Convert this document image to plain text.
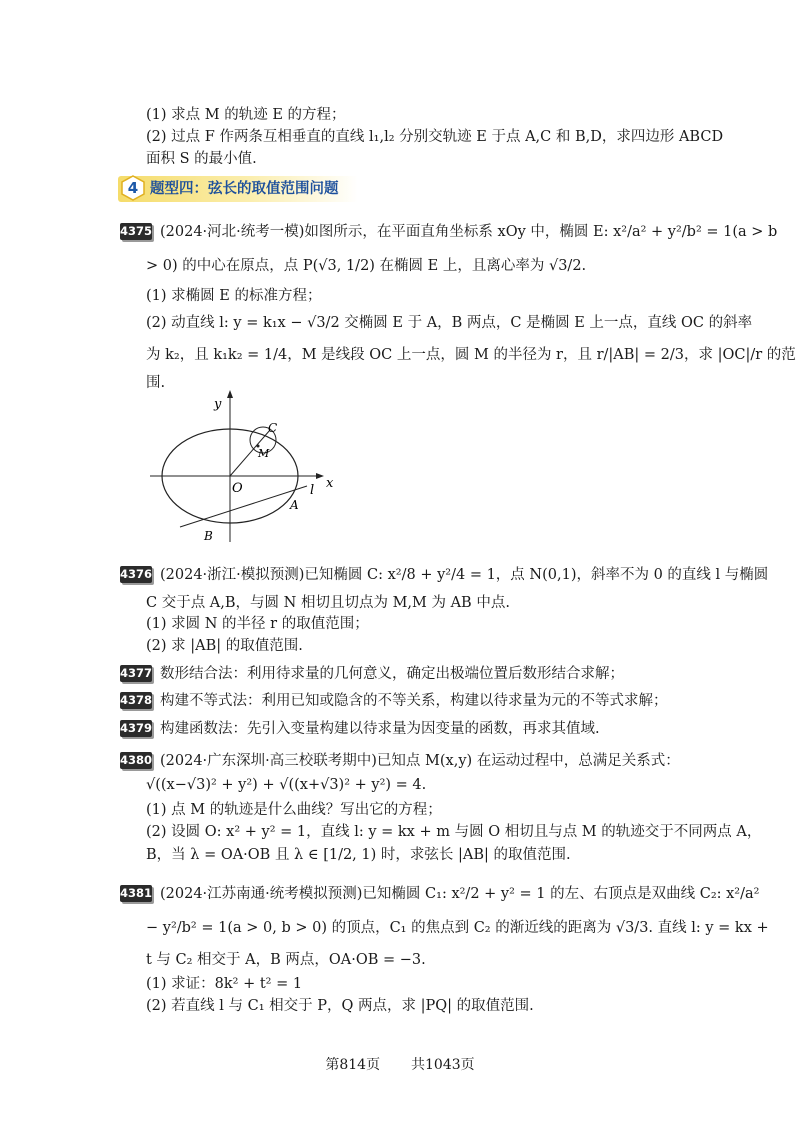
(1) 求点 M 的轨迹 E 的方程；
(2) 过点 F 作两条互相垂直的直线 l₁,l₂ 分别交轨迹 E 于点 A,C 和 B,D，求四边形 ABCD
面积 S 的最小值.
4 题型四：弦长的取值范围问题
4375 (2024·河北·统考一模)如图所示，在平面直角坐标系 xOy 中，椭圆 E: x²/a² + y²/b² = 1(a > b
> 0) 的中心在原点，点 P(√3, 1/2) 在椭圆 E 上，且离心率为 √3/2.
(1) 求椭圆 E 的标准方程；
(2) 动直线 l: y = k₁x − √3/2 交椭圆 E 于 A，B 两点，C 是椭圆 E 上一点，直线 OC 的斜率
为 k₂，且 k₁k₂ = 1/4，M 是线段 OC 上一点，圆 M 的半径为 r，且 r/|AB| = 2/3，求 |OC|/r 的范
围.
y
x
O
C
M
A
B
l
4376 (2024·浙江·模拟预测)已知椭圆 C: x²/8 + y²/4 = 1，点 N(0,1)，斜率不为 0 的直线 l 与椭圆
C 交于点 A,B，与圆 N 相切且切点为 M,M 为 AB 中点.
(1) 求圆 N 的半径 r 的取值范围；
(2) 求 |AB| 的取值范围.
4377 数形结合法：利用待求量的几何意义，确定出极端位置后数形结合求解；
4378 构建不等式法：利用已知或隐含的不等关系，构建以待求量为元的不等式求解；
4379 构建函数法：先引入变量构建以待求量为因变量的函数，再求其值域.
4380 (2024·广东深圳·高三校联考期中)已知点 M(x,y) 在运动过程中，总满足关系式：
√((x−√3)² + y²) + √((x+√3)² + y²) = 4.
(1) 点 M 的轨迹是什么曲线？写出它的方程；
(2) 设圆 O: x² + y² = 1，直线 l: y = kx + m 与圆 O 相切且与点 M 的轨迹交于不同两点 A，
B，当 λ = OA·OB 且 λ ∈ [1/2, 1) 时，求弦长 |AB| 的取值范围.
4381 (2024·江苏南通·统考模拟预测)已知椭圆 C₁: x²/2 + y² = 1 的左、右顶点是双曲线 C₂: x²/a²
− y²/b² = 1(a > 0, b > 0) 的顶点，C₁ 的焦点到 C₂ 的渐近线的距离为 √3/3. 直线 l: y = kx +
t 与 C₂ 相交于 A，B 两点，OA·OB = −3.
(1) 求证：8k² + t² = 1
(2) 若直线 l 与 C₁ 相交于 P，Q 两点，求 |PQ| 的取值范围.
第814页 共1043页
